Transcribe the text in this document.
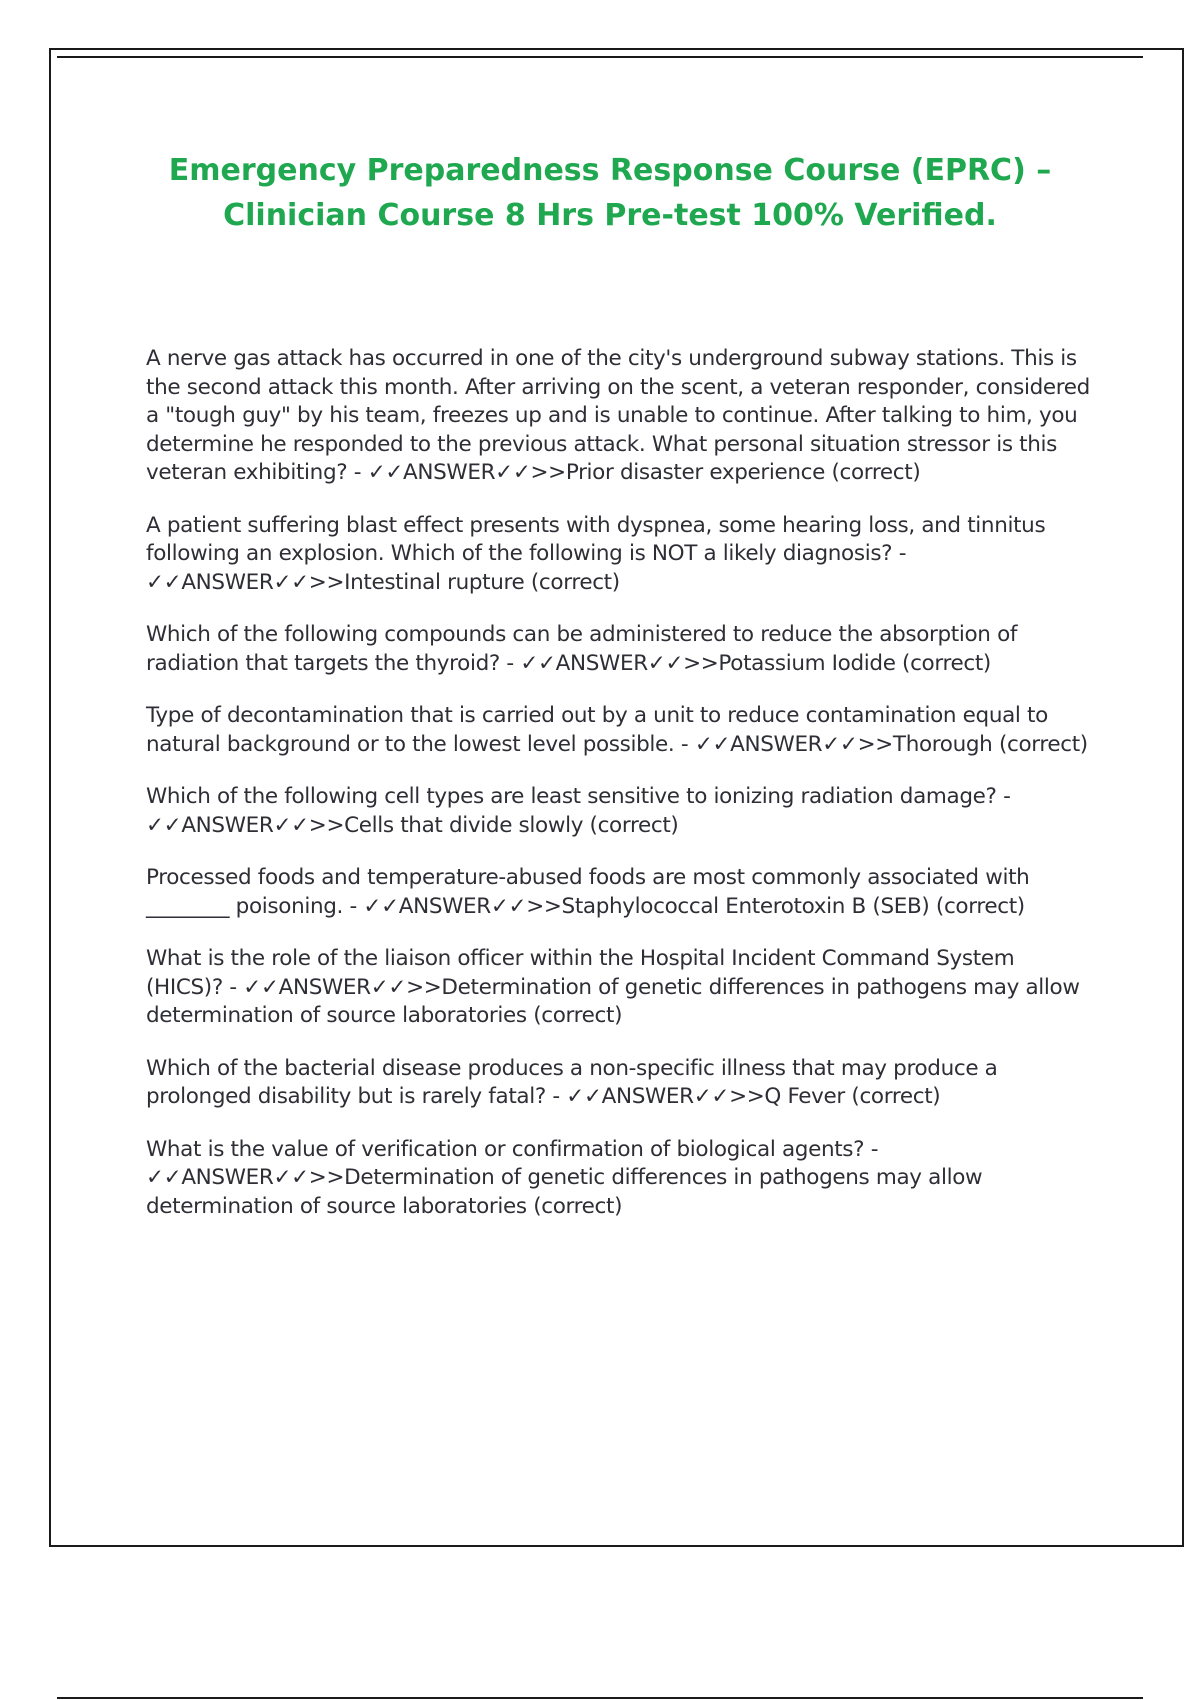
Emergency Preparedness Response Course (EPRC) –
Clinician Course 8 Hrs Pre-test 100% Verified.

A nerve gas attack has occurred in one of the city's underground subway stations. This is the second attack this month. After arriving on the scent, a veteran responder, considered a "tough guy" by his team, freezes up and is unable to continue. After talking to him, you determine he responded to the previous attack. What personal situation stressor is this veteran exhibiting? - ✓✓ANSWER✓✓>>Prior disaster experience (correct)

A patient suffering blast effect presents with dyspnea, some hearing loss, and tinnitus following an explosion. Which of the following is NOT a likely diagnosis? - ✓✓ANSWER✓✓>>Intestinal rupture (correct)

Which of the following compounds can be administered to reduce the absorption of radiation that targets the thyroid? - ✓✓ANSWER✓✓>>Potassium Iodide (correct)

Type of decontamination that is carried out by a unit to reduce contamination equal to natural background or to the lowest level possible. - ✓✓ANSWER✓✓>>Thorough (correct)

Which of the following cell types are least sensitive to ionizing radiation damage? - ✓✓ANSWER✓✓>>Cells that divide slowly (correct)

Processed foods and temperature-abused foods are most commonly associated with ________ poisoning. - ✓✓ANSWER✓✓>>Staphylococcal Enterotoxin B (SEB) (correct)

What is the role of the liaison officer within the Hospital Incident Command System (HICS)? - ✓✓ANSWER✓✓>>Determination of genetic differences in pathogens may allow determination of source laboratories (correct)

Which of the bacterial disease produces a non-specific illness that may produce a prolonged disability but is rarely fatal? - ✓✓ANSWER✓✓>>Q Fever (correct)

What is the value of verification or confirmation of biological agents? - ✓✓ANSWER✓✓>>Determination of genetic differences in pathogens may allow determination of source laboratories (correct)
